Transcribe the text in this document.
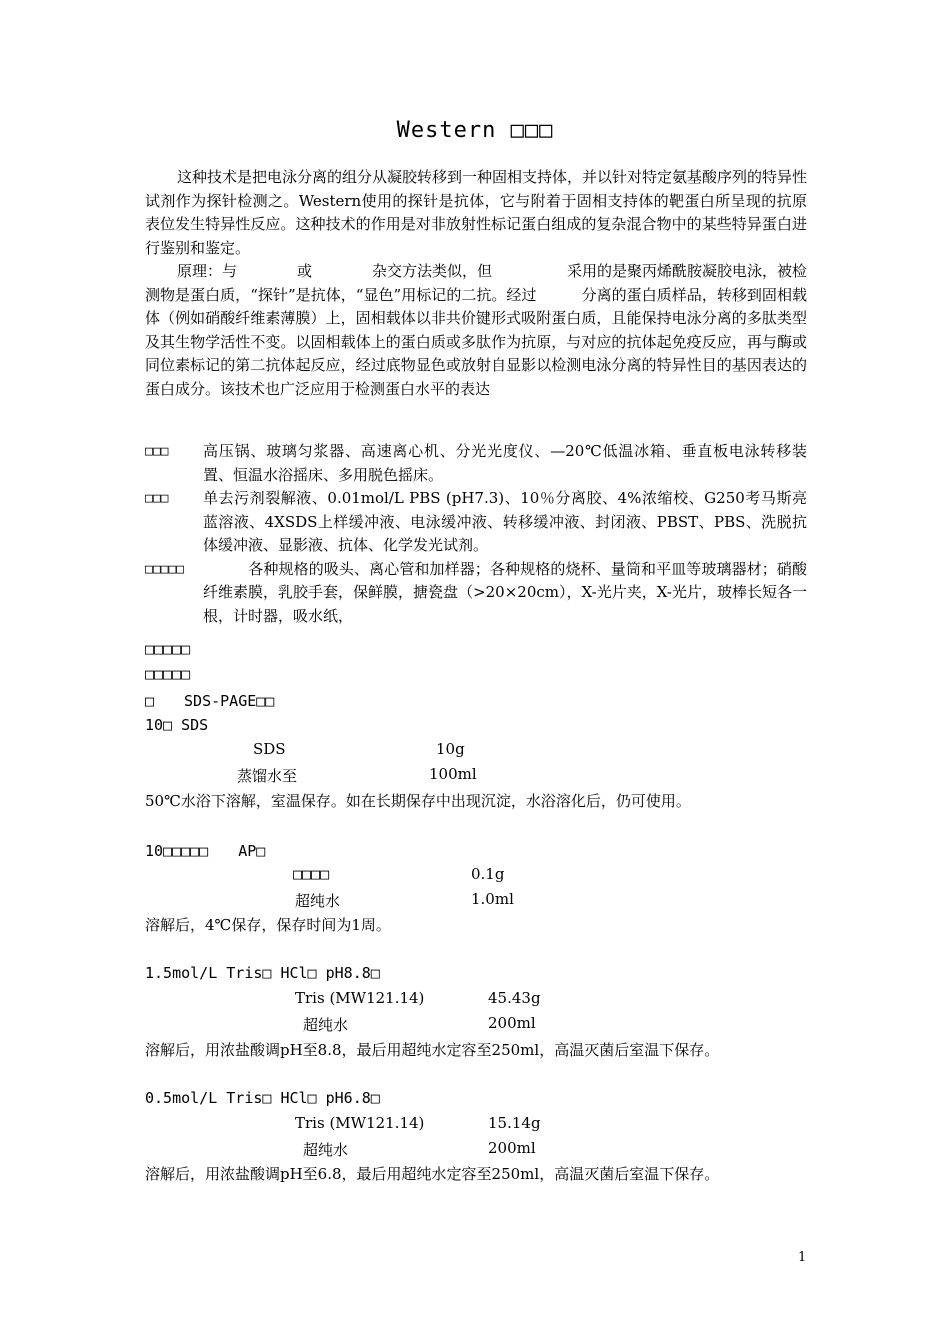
Western □□□

这种技术是把电泳分离的组分从凝胶转移到一种固相支持体，并以针对特定氨基酸序列的特异性试剂作为探针检测之。Western使用的探针是抗体，它与附着于固相支持体的靶蛋白所呈现的抗原表位发生特异性反应。这种技术的作用是对非放射性标记蛋白组成的复杂混合物中的某些特异蛋白进行鉴别和鉴定。

原理：与　　　　或　　　　杂交方法类似，但　　　　　采用的是聚丙烯酰胺凝胶电泳，被检测物是蛋白质，“探针”是抗体，“显色”用标记的二抗。经过　　　分离的蛋白质样品，转移到固相载体（例如硝酸纤维素薄膜）上，固相载体以非共价键形式吸附蛋白质，且能保持电泳分离的多肽类型及其生物学活性不变。以固相载体上的蛋白质或多肽作为抗原，与对应的抗体起免疫反应，再与酶或同位素标记的第二抗体起反应，经过底物显色或放射自显影以检测电泳分离的特异性目的基因表达的蛋白成分。该技术也广泛应用于检测蛋白水平的表达

□□□	高压锅、玻璃匀浆器、高速离心机、分光光度仪、—20℃低温冰箱、垂直板电泳转移装置、恒温水浴摇床、多用脱色摇床。
□□□	单去污剂裂解液、0.01mol/L PBS (pH7.3)、10％分离胶、4%浓缩校、G250考马斯亮蓝溶液、4XSDS上样缓冲液、电泳缓冲液、转移缓冲液、封闭液、PBST、PBS、洗脱抗体缓冲液、显影液、抗体、化学发光试剂。
□□□□□	　　　各种规格的吸头、离心管和加样器；各种规格的烧杯、量筒和平皿等玻璃器材；硝酸纤维素膜，乳胶手套，保鲜膜，搪瓷盘（>20×20cm），X-光片夹，X-光片，玻棒长短各一根，计时器，吸水纸，
□□□□□
□□□□□
□　　SDS-PAGE□□
10□ SDS
SDS	10g
蒸馏水至	100ml
50℃水浴下溶解，室温保存。如在长期保存中出现沉淀，水浴溶化后，仍可使用。
10□□□□□　　AP□
□□□□	0.1g
超纯水	1.0ml
溶解后，4℃保存，保存时间为1周。
1.5mol/L Tris□ HCl□ pH8.8□
Tris (MW121.14)	45.43g
超纯水	200ml
溶解后，用浓盐酸调pH至8.8，最后用超纯水定容至250ml，高温灭菌后室温下保存。
0.5mol/L Tris□ HCl□ pH6.8□
Tris (MW121.14)	15.14g
超纯水	200ml
溶解后，用浓盐酸调pH至6.8，最后用超纯水定容至250ml，高温灭菌后室温下保存。
1
